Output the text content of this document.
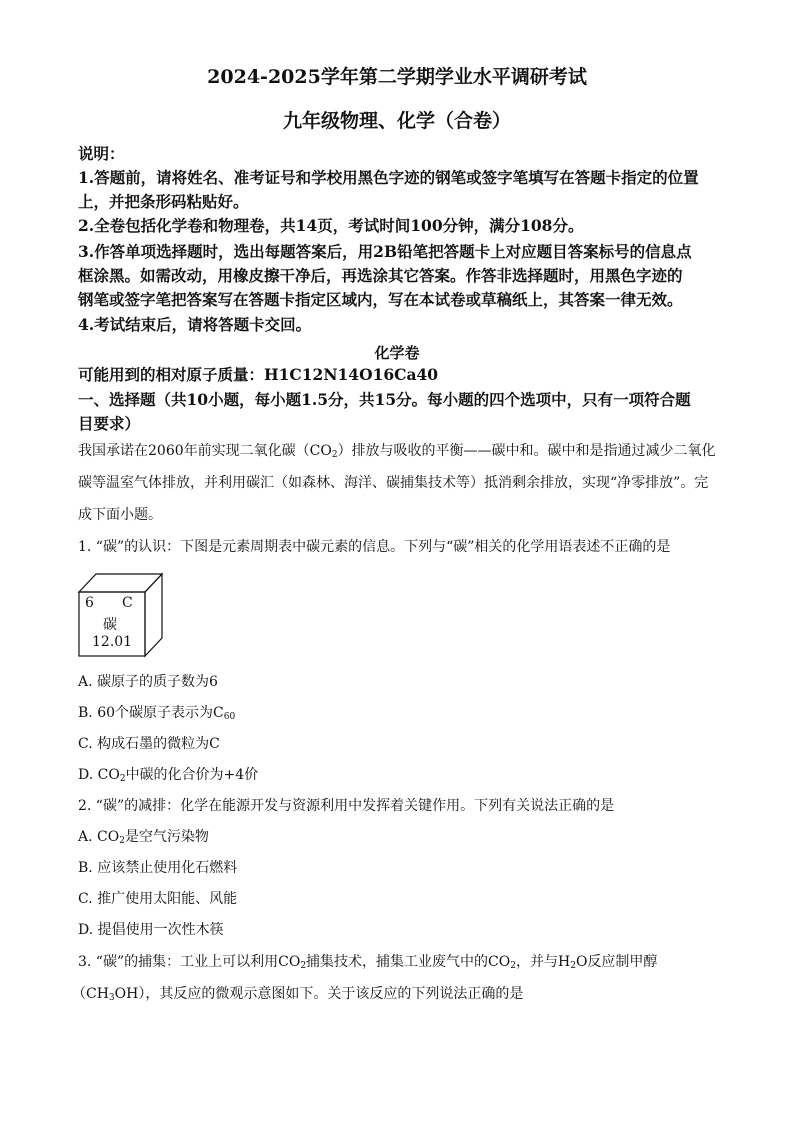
2024-2025学年第二学期学业水平调研考试
九年级物理、化学（合卷）
说明：
1.答题前，请将姓名、准考证号和学校用黑色字迹的钢笔或签字笔填写在答题卡指定的位置
上，并把条形码粘贴好。
2.全卷包括化学卷和物理卷，共14页，考试时间100分钟，满分108分。
3.作答单项选择题时，选出每题答案后，用2B铅笔把答题卡上对应题目答案标号的信息点
框涂黑。如需改动，用橡皮擦干净后，再选涂其它答案。作答非选择题时，用黑色字迹的
钢笔或签字笔把答案写在答题卡指定区域内，写在本试卷或草稿纸上，其答案一律无效。
4.考试结束后，请将答题卡交回。
化学卷
可能用到的相对原子质量：H1C12N14O16Ca40
一、选择题（共10小题，每小题1.5分，共15分。每小题的四个选项中，只有一项符合题
目要求）
我国承诺在2060年前实现二氧化碳$(CO_2)$排放与吸收的平衡——碳中和。碳中和是指通过减少二氧化
碳等温室气体排放，并利用碳汇（如森林、海洋、碳捕集技术等）抵消剩余排放，实现“净零排放”。完
成下面小题。
1. “碳”的认识：下图是元素周期表中碳元素的信息。下列与“碳”相关的化学用语表述不正确的是
6 C
碳
12.01
A. 碳原子的质子数为6
B. 60个碳原子表示为$C_{60}$
C. 构成石墨的微粒为C
D. $CO_2$中碳的化合价为+4价
2. “碳”的减排：化学在能源开发与资源利用中发挥着关键作用。下列有关说法正确的是
A. $CO_2$是空气污染物
B. 应该禁止使用化石燃料
C. 推广使用太阳能、风能
D. 提倡使用一次性木筷
3. “碳”的捕集：工业上可以利用$CO_2$捕集技术，捕集工业废气中的$CO_2$，并与$H_2O$反应制甲醇
$(CH_3OH)$，其反应的微观示意图如下。关于该反应的下列说法正确的是
